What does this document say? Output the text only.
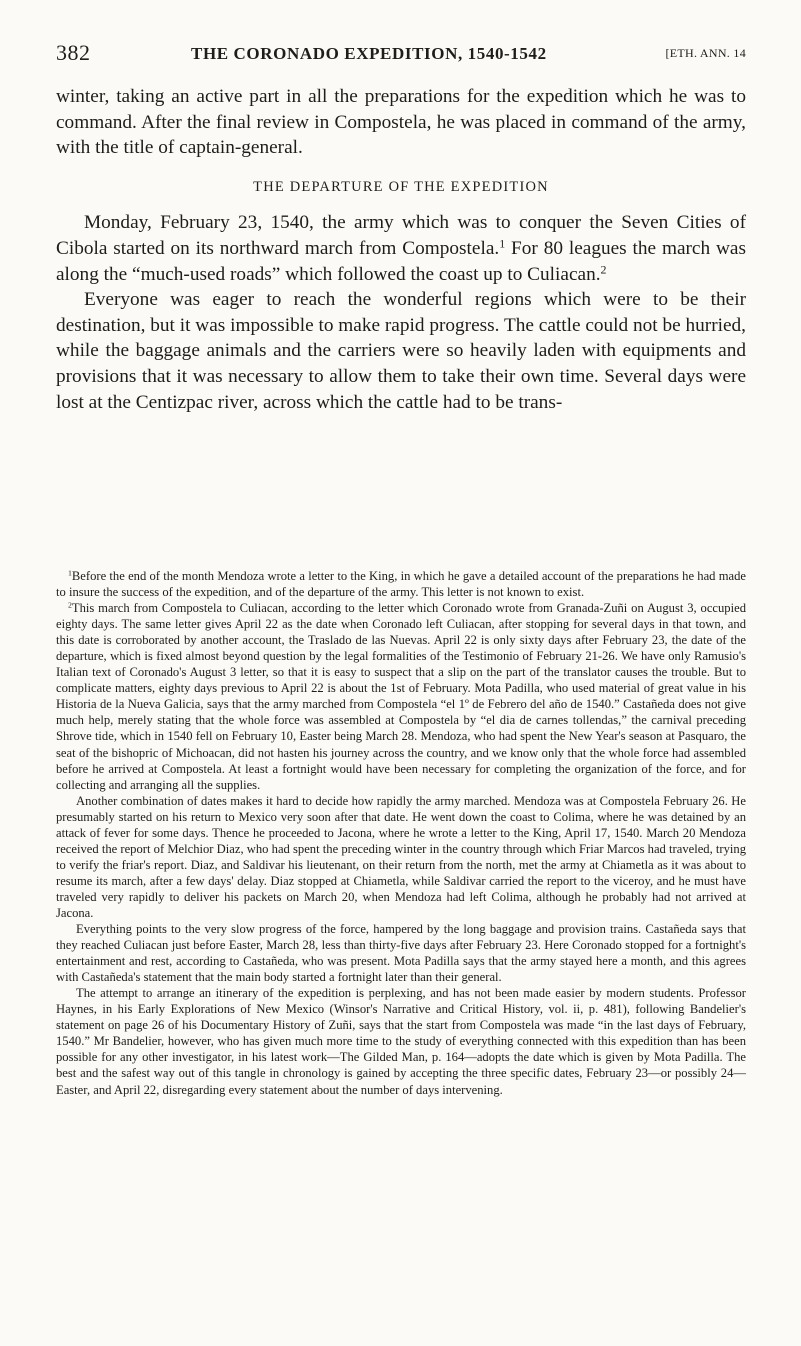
382	THE CORONADO EXPEDITION, 1540-1542	[ETH. ANN. 14

winter, taking an active part in all the preparations for the expedition which he was to command. After the final review in Compostela, he was placed in command of the army, with the title of captain-general.

THE DEPARTURE OF THE EXPEDITION

Monday, February 23, 1540, the army which was to conquer the Seven Cities of Cibola started on its northward march from Compostela.$^1$ For 80 leagues the march was along the “much-used roads” which followed the coast up to Culiacan.$^2$

Everyone was eager to reach the wonderful regions which were to be their destination, but it was impossible to make rapid progress. The cattle could not be hurried, while the baggage animals and the carriers were so heavily laden with equipments and provisions that it was necessary to allow them to take their own time. Several days were lost at the Centizpac river, across which the cattle had to be trans-

$^1$Before the end of the month Mendoza wrote a letter to the King, in which he gave a detailed account of the preparations he had made to insure the success of the expedition, and of the departure of the army. This letter is not known to exist.

$^2$This march from Compostela to Culiacan, according to the letter which Coronado wrote from Granada-Zuñi on August 3, occupied eighty days. The same letter gives April 22 as the date when Coronado left Culiacan, after stopping for several days in that town, and this date is corroborated by another account, the Traslado de las Nuevas. April 22 is only sixty days after February 23, the date of the departure, which is fixed almost beyond question by the legal formalities of the Testimonio of February 21-26. We have only Ramusio's Italian text of Coronado's August 3 letter, so that it is easy to suspect that a slip on the part of the translator causes the trouble. But to complicate matters, eighty days previous to April 22 is about the 1st of February. Mota Padilla, who used material of great value in his Historia de la Nueva Galicia, says that the army marched from Compostela “el 1º de Febrero del año de 1540.” Castañeda does not give much help, merely stating that the whole force was assembled at Compostela by “el dia de carnes tollendas,” the carnival preceding Shrove tide, which in 1540 fell on February 10, Easter being March 28. Mendoza, who had spent the New Year's season at Pasquaro, the seat of the bishopric of Michoacan, did not hasten his journey across the country, and we know only that the whole force had assembled before he arrived at Compostela. At least a fortnight would have been necessary for completing the organization of the force, and for collecting and arranging all the supplies.

Another combination of dates makes it hard to decide how rapidly the army marched. Mendoza was at Compostela February 26. He presumably started on his return to Mexico very soon after that date. He went down the coast to Colima, where he was detained by an attack of fever for some days. Thence he proceeded to Jacona, where he wrote a letter to the King, April 17, 1540. March 20 Mendoza received the report of Melchior Diaz, who had spent the preceding winter in the country through which Friar Marcos had traveled, trying to verify the friar's report. Diaz, and Saldivar his lieutenant, on their return from the north, met the army at Chiametla as it was about to resume its march, after a few days' delay. Diaz stopped at Chiametla, while Saldivar carried the report to the viceroy, and he must have traveled very rapidly to deliver his packets on March 20, when Mendoza had left Colima, although he probably had not arrived at Jacona.

Everything points to the very slow progress of the force, hampered by the long baggage and provision trains. Castañeda says that they reached Culiacan just before Easter, March 28, less than thirty-five days after February 23. Here Coronado stopped for a fortnight's entertainment and rest, according to Castañeda, who was present. Mota Padilla says that the army stayed here a month, and this agrees with Castañeda's statement that the main body started a fortnight later than their general.

The attempt to arrange an itinerary of the expedition is perplexing, and has not been made easier by modern students. Professor Haynes, in his Early Explorations of New Mexico (Winsor's Narrative and Critical History, vol. ii, p. 481), following Bandelier's statement on page 26 of his Documentary History of Zuñi, says that the start from Compostela was made “in the last days of February, 1540.” Mr Bandelier, however, who has given much more time to the study of everything connected with this expedition than has been possible for any other investigator, in his latest work—The Gilded Man, p. 164—adopts the date which is given by Mota Padilla. The best and the safest way out of this tangle in chronology is gained by accepting the three specific dates, February 23—or possibly 24—Easter, and April 22, disregarding every statement about the number of days intervening.
